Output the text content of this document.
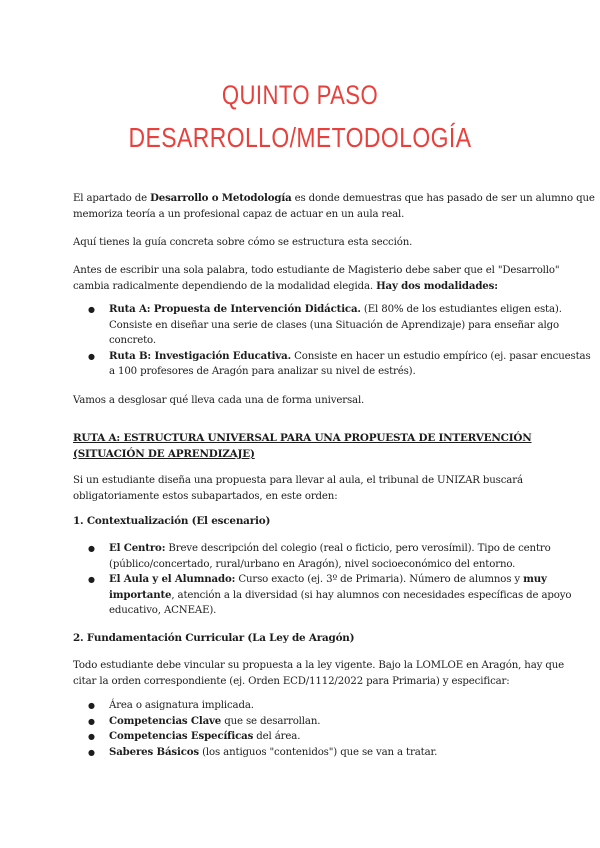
QUINTO PASO
DESARROLLO/METODOLOGÍA
El apartado de Desarrollo o Metodología es donde demuestras que has pasado de ser un alumno que
memoriza teoría a un profesional capaz de actuar en un aula real.
Aquí tienes la guía concreta sobre cómo se estructura esta sección.
Antes de escribir una sola palabra, todo estudiante de Magisterio debe saber que el "Desarrollo"
cambia radicalmente dependiendo de la modalidad elegida. Hay dos modalidades:
● Ruta A: Propuesta de Intervención Didáctica. (El 80% de los estudiantes eligen esta).
Consiste en diseñar una serie de clases (una Situación de Aprendizaje) para enseñar algo
concreto.
● Ruta B: Investigación Educativa. Consiste en hacer un estudio empírico (ej. pasar encuestas
a 100 profesores de Aragón para analizar su nivel de estrés).
Vamos a desglosar qué lleva cada una de forma universal.
RUTA A: ESTRUCTURA UNIVERSAL PARA UNA PROPUESTA DE INTERVENCIÓN
(SITUACIÓN DE APRENDIZAJE)
Si un estudiante diseña una propuesta para llevar al aula, el tribunal de UNIZAR buscará
obligatoriamente estos subapartados, en este orden:
1. Contextualización (El escenario)
● El Centro: Breve descripción del colegio (real o ficticio, pero verosímil). Tipo de centro
(público/concertado, rural/urbano en Aragón), nivel socioeconómico del entorno.
● El Aula y el Alumnado: Curso exacto (ej. 3º de Primaria). Número de alumnos y muy
importante, atención a la diversidad (si hay alumnos con necesidades específicas de apoyo
educativo, ACNEAE).
2. Fundamentación Curricular (La Ley de Aragón)
Todo estudiante debe vincular su propuesta a la ley vigente. Bajo la LOMLOE en Aragón, hay que
citar la orden correspondiente (ej. Orden ECD/1112/2022 para Primaria) y especificar:
● Área o asignatura implicada.
● Competencias Clave que se desarrollan.
● Competencias Específicas del área.
● Saberes Básicos (los antiguos "contenidos") que se van a tratar.
